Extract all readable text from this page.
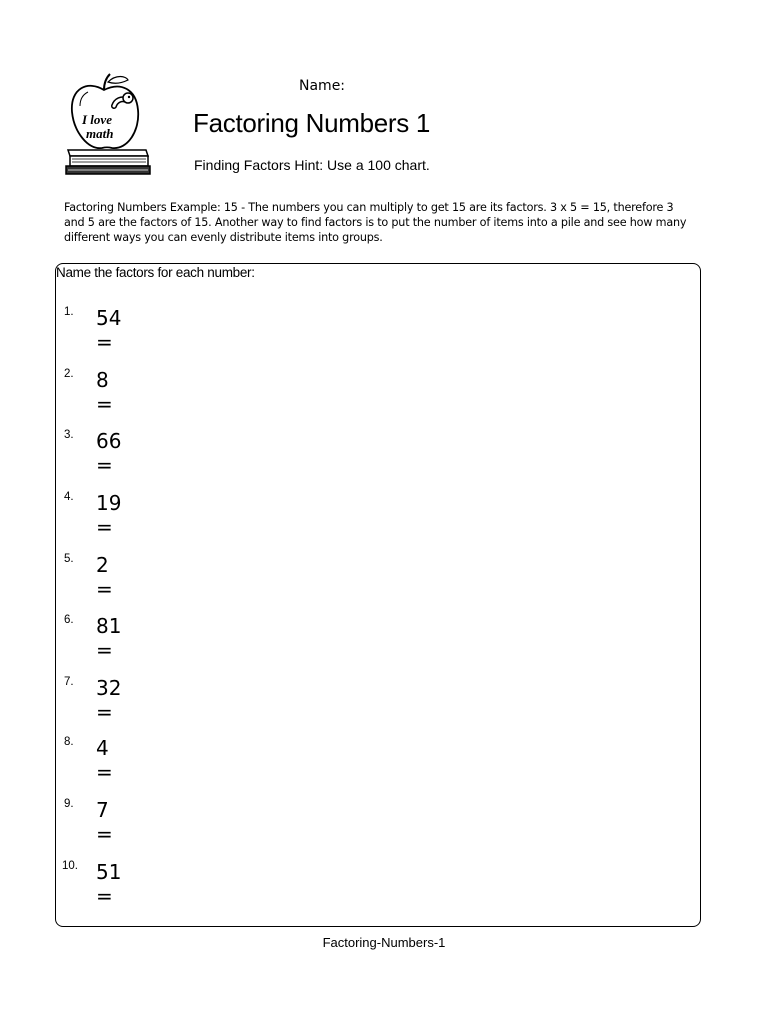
I love
math
Name:
Factoring Numbers 1
Finding Factors Hint: Use a 100 chart.
Factoring Numbers Example: 15 - The numbers you can multiply to get 15 are its factors. 3 x 5 = 15, therefore 3 and 5 are the factors of 15. Another way to find factors is to put the number of items into a pile and see how many different ways you can evenly distribute items into groups.
Name the factors for each number:
1. 54 =
2. 8 =
3. 66 =
4. 19 =
5. 2 =
6. 81 =
7. 32 =
8. 4 =
9. 7 =
10. 51 =
Factoring-Numbers-1
